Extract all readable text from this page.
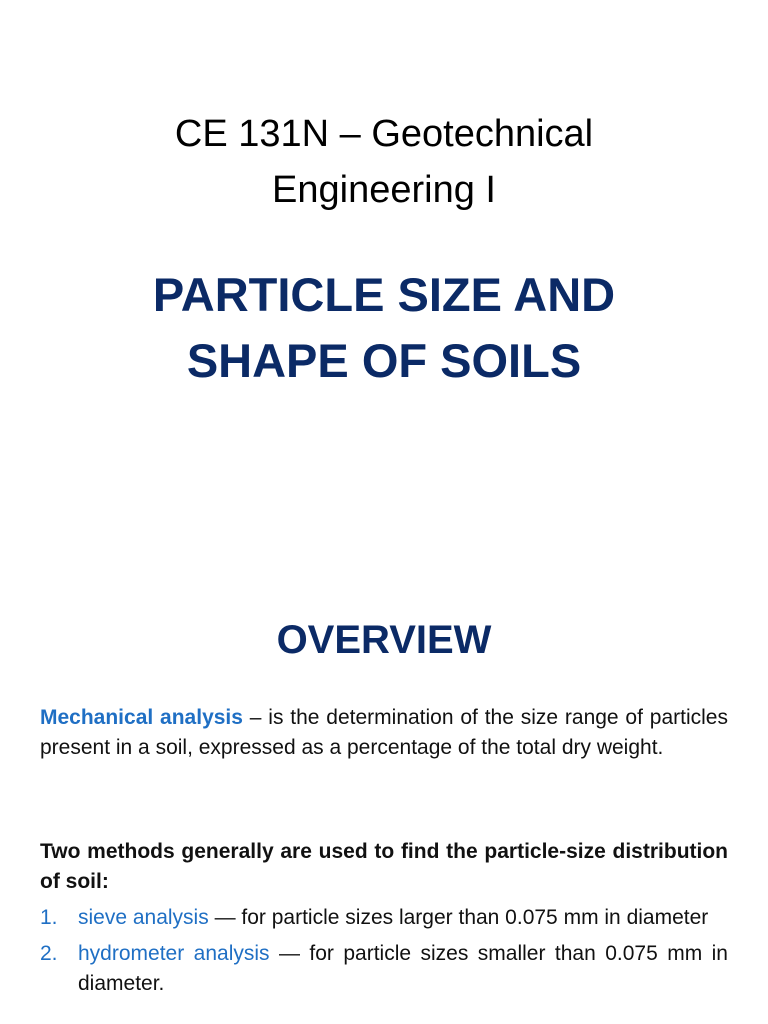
CE 131N – Geotechnical
Engineering I
PARTICLE SIZE AND
SHAPE OF SOILS
OVERVIEW

Mechanical analysis – is the determination of the size range of particles present in a soil, expressed as a percentage of the total dry weight.

Two methods generally are used to find the particle-size distribution of soil:

1. sieve analysis — for particle sizes larger than 0.075 mm in diameter
2. hydrometer analysis — for particle sizes smaller than 0.075 mm in diameter.
